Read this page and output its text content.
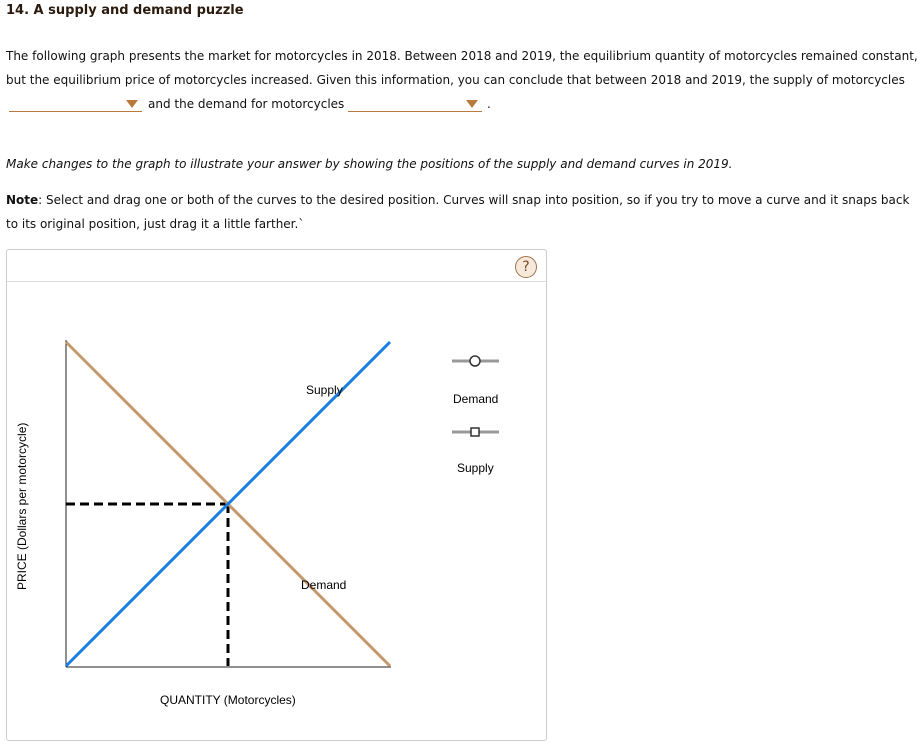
14. A supply and demand puzzle
The following graph presents the market for motorcycles in 2018. Between 2018 and 2019, the equilibrium quantity of motorcycles remained constant,
but the equilibrium price of motorcycles increased. Given this information, you can conclude that between 2018 and 2019, the supply of motorcycles
and the demand for motorcycles	.
Make changes to the graph to illustrate your answer by showing the positions of the supply and demand curves in 2019.
Note: Select and drag one or both of the curves to the desired position. Curves will snap into position, so if you try to move a curve and it snaps back
to its original position, just drag it a little farther.`
?
Supply
Demand
QUANTITY (Motorcycles)
PRICE (Dollars per motorcycle)
Demand
Supply
